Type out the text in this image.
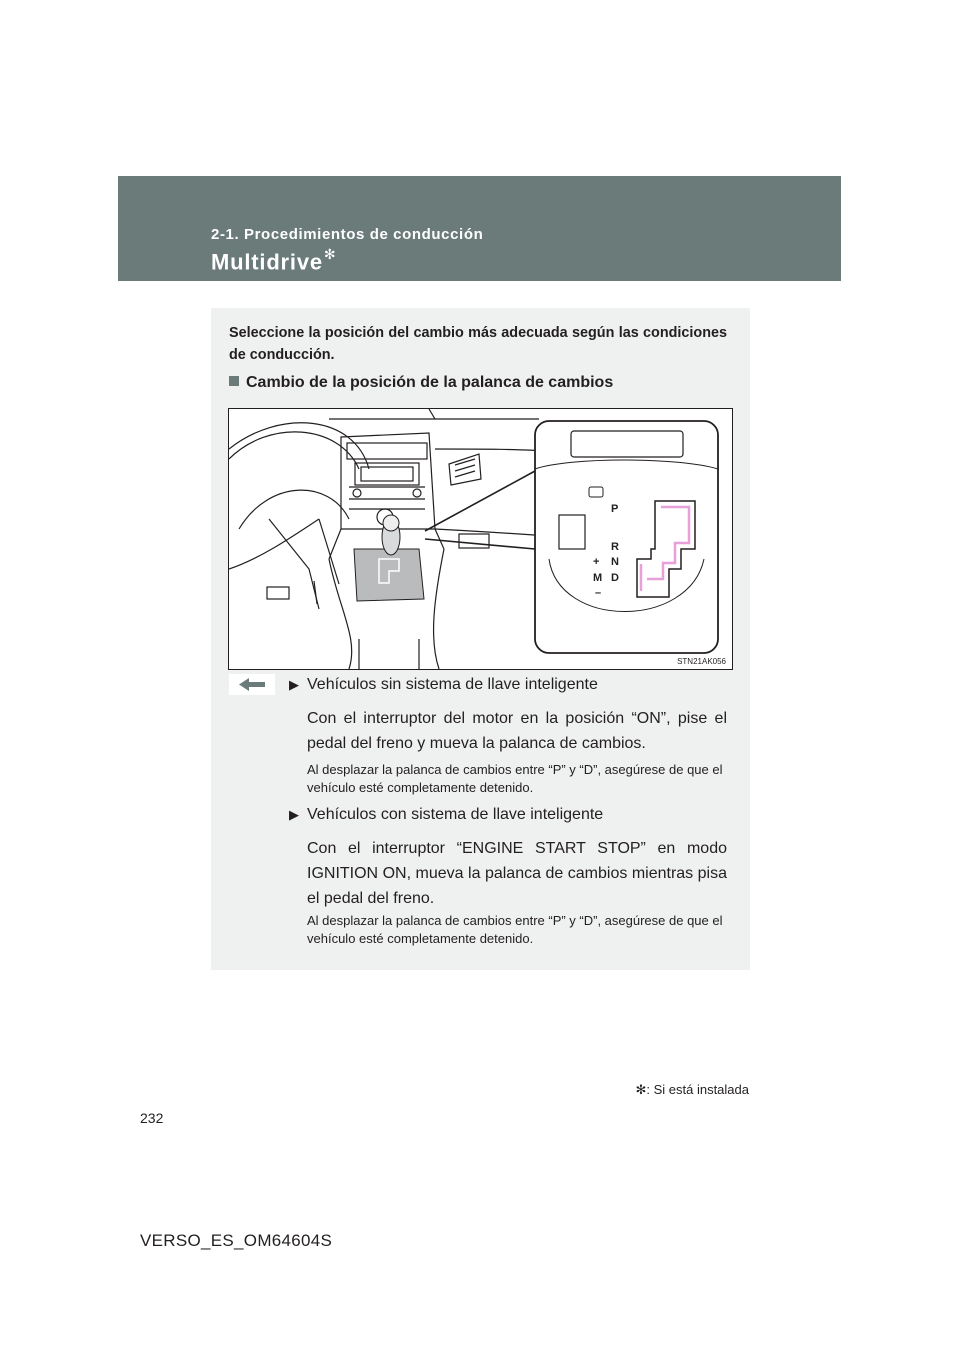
2-1. Procedimientos de conducción

Multidrive✻
Seleccione la posición del cambio más adecuada según las condiciones de conducción.
Cambio de la posición de la palanca de cambios
P
R
N
D
+
M
–
STN21AK056
▶ Vehículos sin sistema de llave inteligente
Con el interruptor del motor en la posición “ON”, pise el pedal del freno y mueva la palanca de cambios.
Al desplazar la palanca de cambios entre “P” y “D”, asegúrese de que el vehículo esté completamente detenido.
▶ Vehículos con sistema de llave inteligente
Con el interruptor “ENGINE START STOP” en modo IGNITION ON, mueva la palanca de cambios mientras pisa el pedal del freno.
Al desplazar la palanca de cambios entre “P” y “D”, asegúrese de que el vehículo esté completamente detenido.
✻: Si está instalada
232
VERSO_ES_OM64604S
